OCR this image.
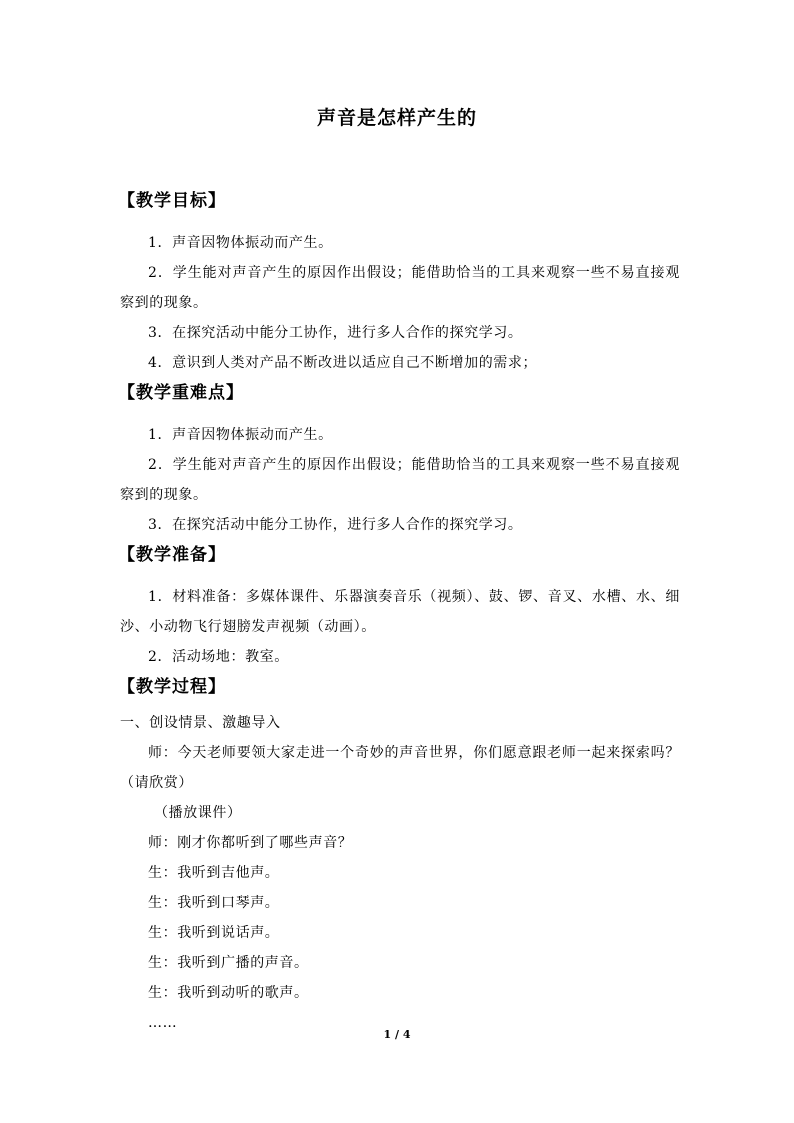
声音是怎样产生的
【教学目标】
1．声音因物体振动而产生。
2．学生能对声音产生的原因作出假设；能借助恰当的工具来观察一些不易直接观察到的现象。
3．在探究活动中能分工协作，进行多人合作的探究学习。
4．意识到人类对产品不断改进以适应自己不断增加的需求；
【教学重难点】
1．声音因物体振动而产生。
2．学生能对声音产生的原因作出假设；能借助恰当的工具来观察一些不易直接观察到的现象。
3．在探究活动中能分工协作，进行多人合作的探究学习。
【教学准备】
1．材料准备：多媒体课件、乐器演奏音乐（视频）、鼓、锣、音叉、水槽、水、细沙、小动物飞行翅膀发声视频（动画）。
2．活动场地：教室。
【教学过程】
一、创设情景、激趣导入
师：今天老师要领大家走进一个奇妙的声音世界，你们愿意跟老师一起来探索吗？（请欣赏）
（播放课件）
师：刚才你都听到了哪些声音？
生：我听到吉他声。
生：我听到口琴声。
生：我听到说话声。
生：我听到广播的声音。
生：我听到动听的歌声。
……
1 / 4
